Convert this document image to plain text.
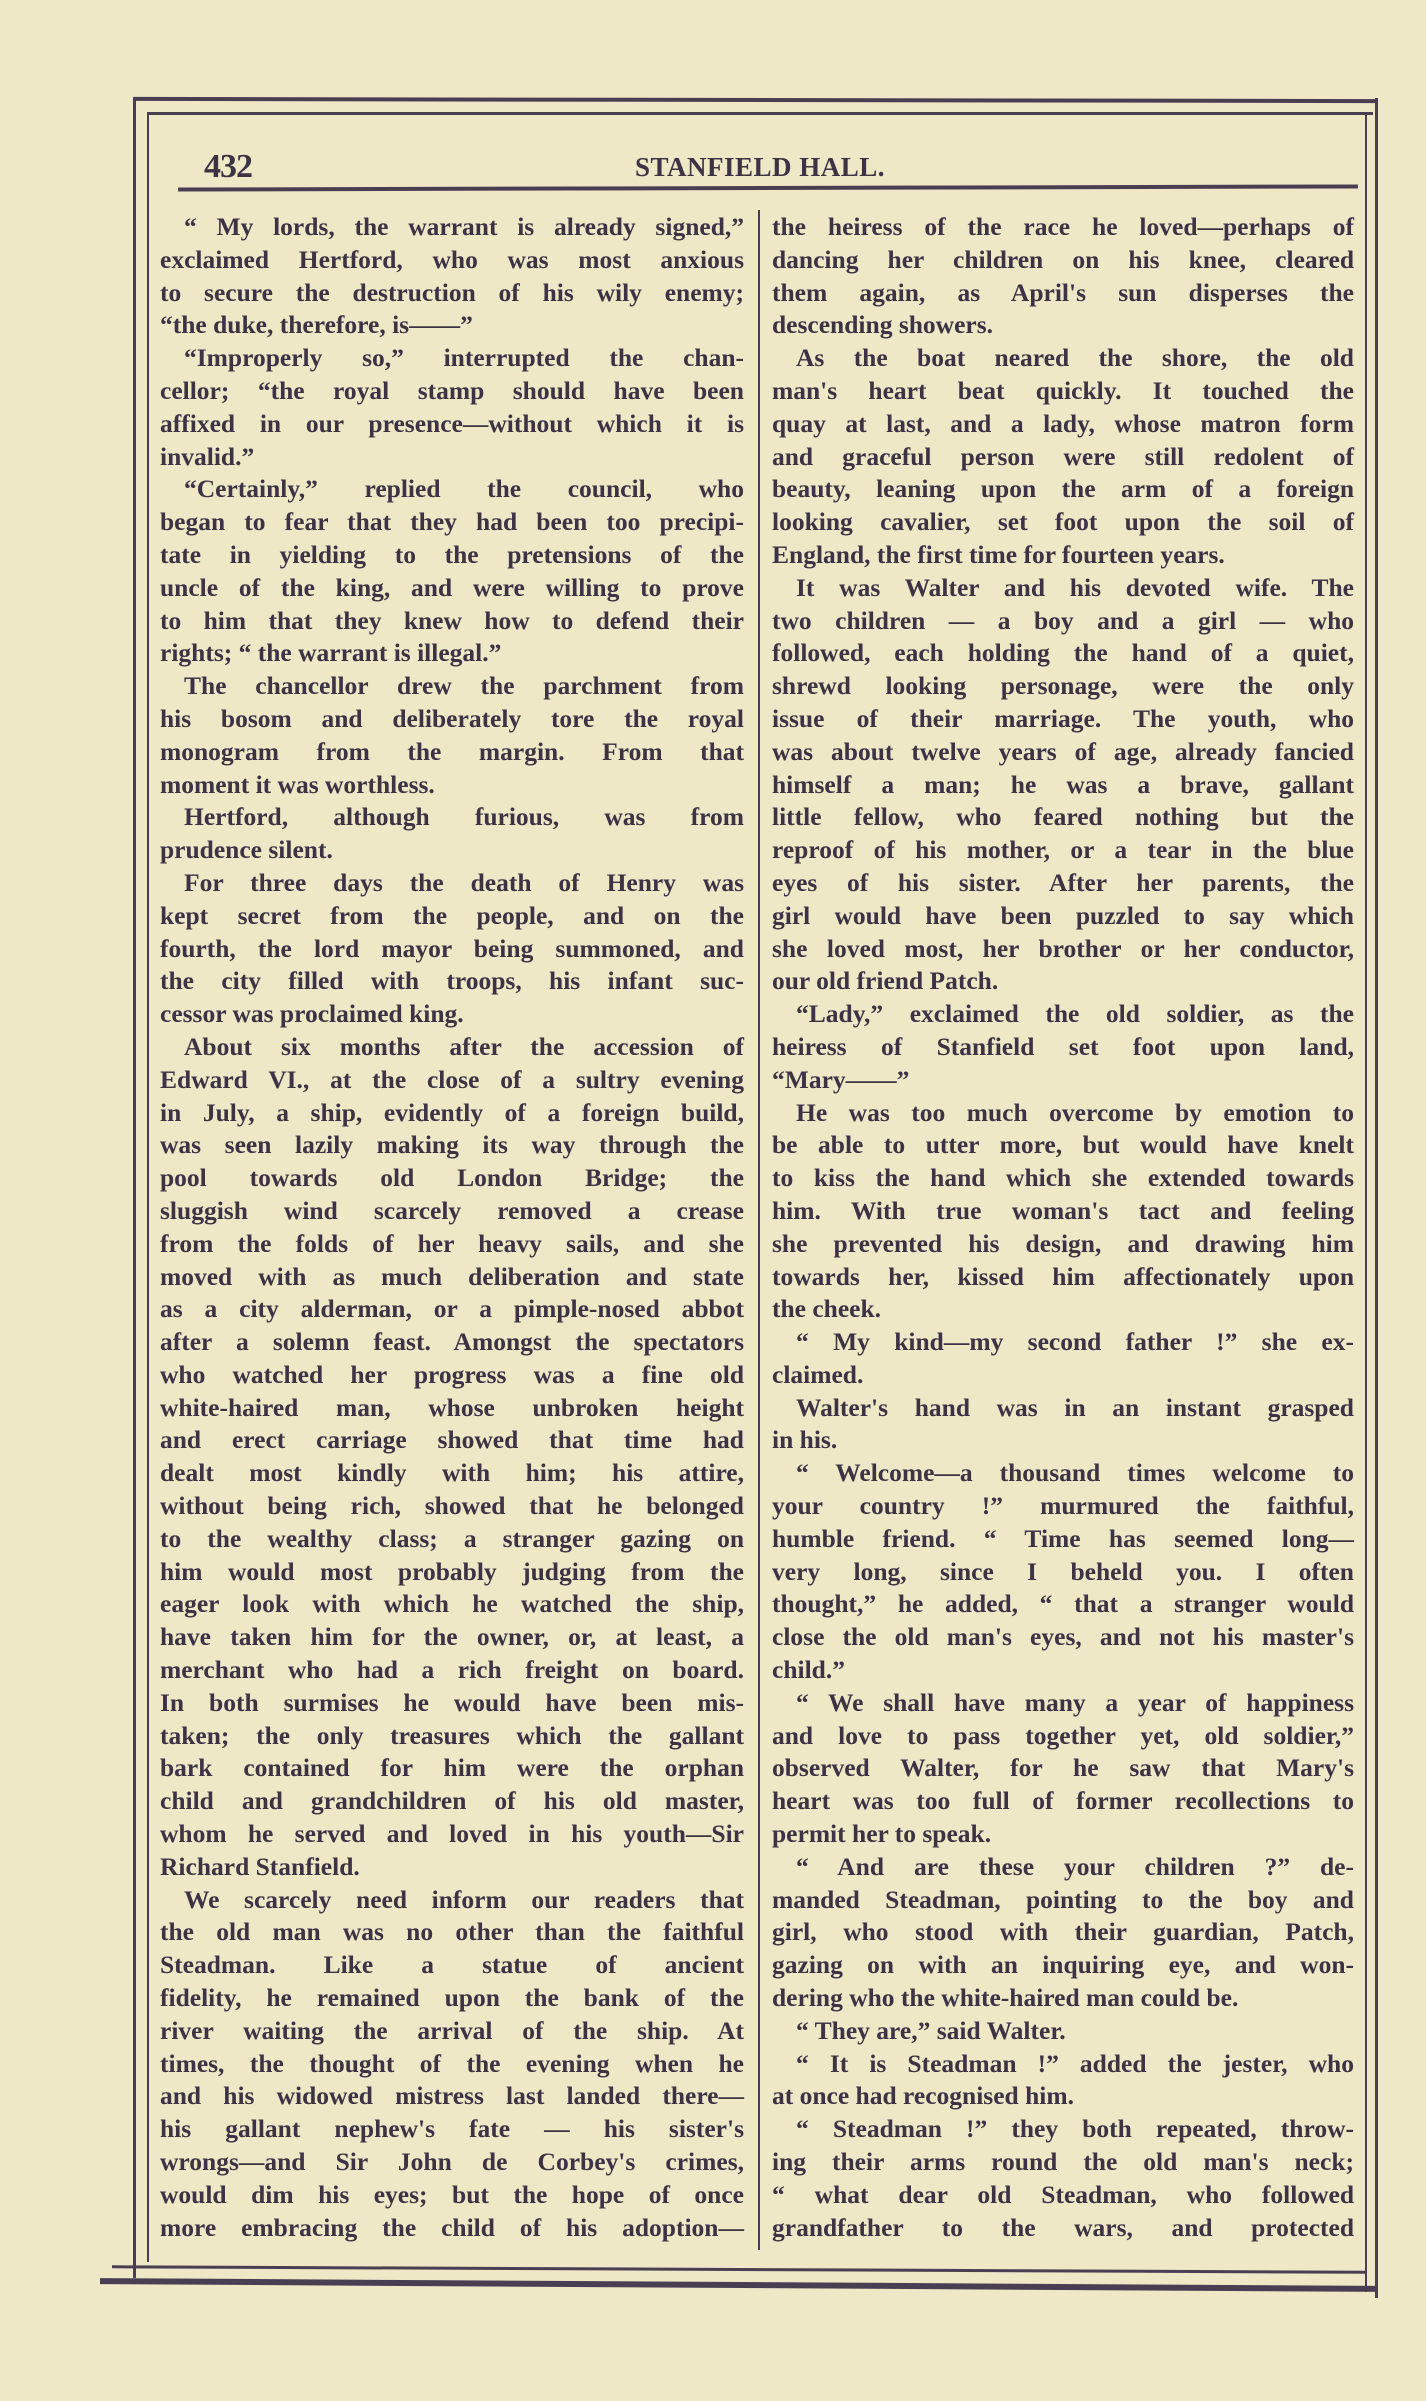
432	STANFIELD HALL.
“ My lords, the warrant is already signed,”
exclaimed Hertford, who was most anxious
to secure the destruction of his wily enemy;
“the duke, therefore, is——”
“Improperly so,” interrupted the chan-
cellor; “the royal stamp should have been
affixed in our presence—without which it is
invalid.”
“Certainly,” replied the council, who
began to fear that they had been too precipi-
tate in yielding to the pretensions of the
uncle of the king, and were willing to prove
to him that they knew how to defend their
rights; “ the warrant is illegal.”
The chancellor drew the parchment from
his bosom and deliberately tore the royal
monogram from the margin. From that
moment it was worthless.
Hertford, although furious, was from
prudence silent.
For three days the death of Henry was
kept secret from the people, and on the
fourth, the lord mayor being summoned, and
the city filled with troops, his infant suc-
cessor was proclaimed king.
About six months after the accession of
Edward VI., at the close of a sultry evening
in July, a ship, evidently of a foreign build,
was seen lazily making its way through the
pool towards old London Bridge; the
sluggish wind scarcely removed a crease
from the folds of her heavy sails, and she
moved with as much deliberation and state
as a city alderman, or a pimple-nosed abbot
after a solemn feast. Amongst the spectators
who watched her progress was a fine old
white-haired man, whose unbroken height
and erect carriage showed that time had
dealt most kindly with him; his attire,
without being rich, showed that he belonged
to the wealthy class; a stranger gazing on
him would most probably judging from the
eager look with which he watched the ship,
have taken him for the owner, or, at least, a
merchant who had a rich freight on board.
In both surmises he would have been mis-
taken; the only treasures which the gallant
bark contained for him were the orphan
child and grandchildren of his old master,
whom he served and loved in his youth—Sir
Richard Stanfield.
We scarcely need inform our readers that
the old man was no other than the faithful
Steadman. Like a statue of ancient
fidelity, he remained upon the bank of the
river waiting the arrival of the ship. At
times, the thought of the evening when he
and his widowed mistress last landed there—
his gallant nephew's fate — his sister's
wrongs—and Sir John de Corbey's crimes,
would dim his eyes; but the hope of once
more embracing the child of his adoption—
the heiress of the race he loved—perhaps of
dancing her children on his knee, cleared
them again, as April's sun disperses the
descending showers.
As the boat neared the shore, the old
man's heart beat quickly. It touched the
quay at last, and a lady, whose matron form
and graceful person were still redolent of
beauty, leaning upon the arm of a foreign
looking cavalier, set foot upon the soil of
England, the first time for fourteen years.
It was Walter and his devoted wife. The
two children — a boy and a girl — who
followed, each holding the hand of a quiet,
shrewd looking personage, were the only
issue of their marriage. The youth, who
was about twelve years of age, already fancied
himself a man; he was a brave, gallant
little fellow, who feared nothing but the
reproof of his mother, or a tear in the blue
eyes of his sister. After her parents, the
girl would have been puzzled to say which
she loved most, her brother or her conductor,
our old friend Patch.
“Lady,” exclaimed the old soldier, as the
heiress of Stanfield set foot upon land,
“Mary——”
He was too much overcome by emotion to
be able to utter more, but would have knelt
to kiss the hand which she extended towards
him. With true woman's tact and feeling
she prevented his design, and drawing him
towards her, kissed him affectionately upon
the cheek.
“ My kind—my second father !” she ex-
claimed.
Walter's hand was in an instant grasped
in his.
“ Welcome—a thousand times welcome to
your country !” murmured the faithful,
humble friend. “ Time has seemed long—
very long, since I beheld you. I often
thought,” he added, “ that a stranger would
close the old man's eyes, and not his master's
child.”
“ We shall have many a year of happiness
and love to pass together yet, old soldier,”
observed Walter, for he saw that Mary's
heart was too full of former recollections to
permit her to speak.
“ And are these your children ?” de-
manded Steadman, pointing to the boy and
girl, who stood with their guardian, Patch,
gazing on with an inquiring eye, and won-
dering who the white-haired man could be.
“ They are,” said Walter.
“ It is Steadman !” added the jester, who
at once had recognised him.
“ Steadman !” they both repeated, throw-
ing their arms round the old man's neck;
“ what dear old Steadman, who followed
grandfather to the wars, and protected
